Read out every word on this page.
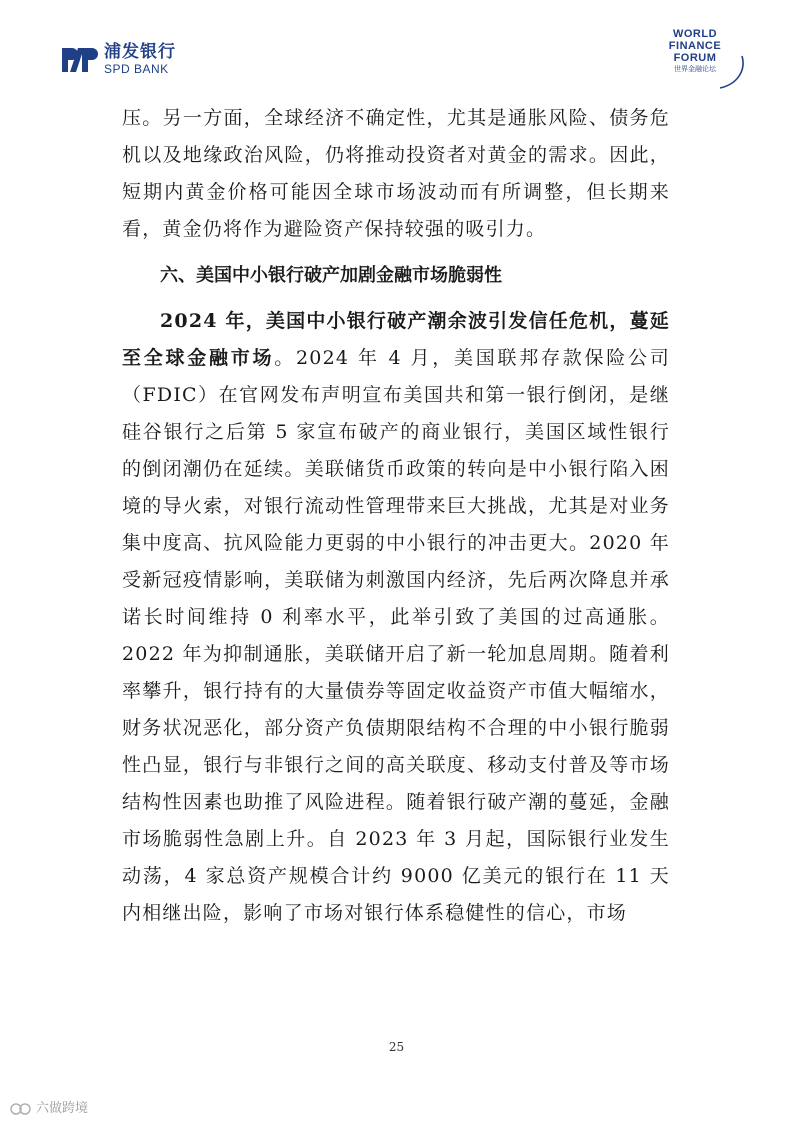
浦发银行
SPD BANK
WORLD
FINANCE
FORUM
世界金融论坛

压。另一方面，全球经济不确定性，尤其是通胀风险、债务危机以及地缘政治风险，仍将推动投资者对黄金的需求。因此，短期内黄金价格可能因全球市场波动而有所调整，但长期来看，黄金仍将作为避险资产保持较强的吸引力。

六、美国中小银行破产加剧金融市场脆弱性

2024 年，美国中小银行破产潮余波引发信任危机，蔓延至全球金融市场。2024 年 4 月，美国联邦存款保险公司（FDIC）在官网发布声明宣布美国共和第一银行倒闭，是继硅谷银行之后第 5 家宣布破产的商业银行，美国区域性银行的倒闭潮仍在延续。美联储货币政策的转向是中小银行陷入困境的导火索，对银行流动性管理带来巨大挑战，尤其是对业务集中度高、抗风险能力更弱的中小银行的冲击更大。2020 年受新冠疫情影响，美联储为刺激国内经济，先后两次降息并承诺长时间维持 0 利率水平，此举引致了美国的过高通胀。2022 年为抑制通胀，美联储开启了新一轮加息周期。随着利率攀升，银行持有的大量债券等固定收益资产市值大幅缩水，财务状况恶化，部分资产负债期限结构不合理的中小银行脆弱性凸显，银行与非银行之间的高关联度、移动支付普及等市场结构性因素也助推了风险进程。随着银行破产潮的蔓延，金融市场脆弱性急剧上升。自 2023 年 3 月起，国际银行业发生动荡，4 家总资产规模合计约 9000 亿美元的银行在 11 天内相继出险，影响了市场对银行体系稳健性的信心，市场

25
六做跨境
